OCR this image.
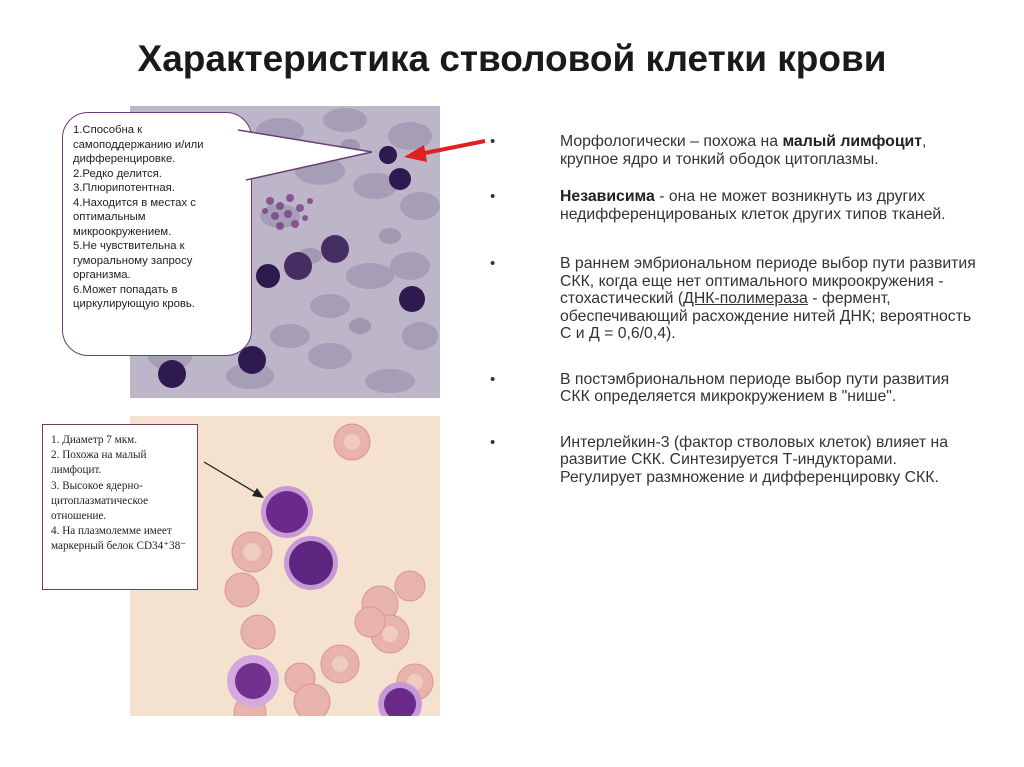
Характеристика стволовой клетки крови
1.Способна к самоподдержанию и/или дифференцировке.
2.Редко делится.
3.Плюрипотентная.
4.Находится в местах с оптимальным микроокружением.
5.Не чувствительна к гуморальному запросу организма.
6.Может попадать в циркулирующую кровь.
1. Диаметр 7 мкм.
2. Похожа на малый лимфоцит.
3. Высокое ядерно-цитоплазматическое отношение.
4. На плазмолемме имеет маркерный белок CD34⁺38⁻
•	Морфологически – похожа на малый лимфоцит, крупное ядро и тонкий ободок цитоплазмы.
•	Независима - она не может возникнуть из других недифференцированых клеток других типов тканей.
•	В раннем эмбриональном периоде выбор пути развития СКК, когда еще нет оптимального микроокружения - стохастический (ДНК-полимераза - фермент, обеспечивающий расхождение нитей ДНК; вероятность С и Д = 0,6/0,4).
•	В постэмбриональном периоде выбор пути развития СКК определяется микрокружением в "нише".
•	Интерлейкин-3 (фактор стволовых клеток) влияет на развитие СКК. Синтезируется Т-индукторами. Регулирует размножение и дифференцировку СКК.
